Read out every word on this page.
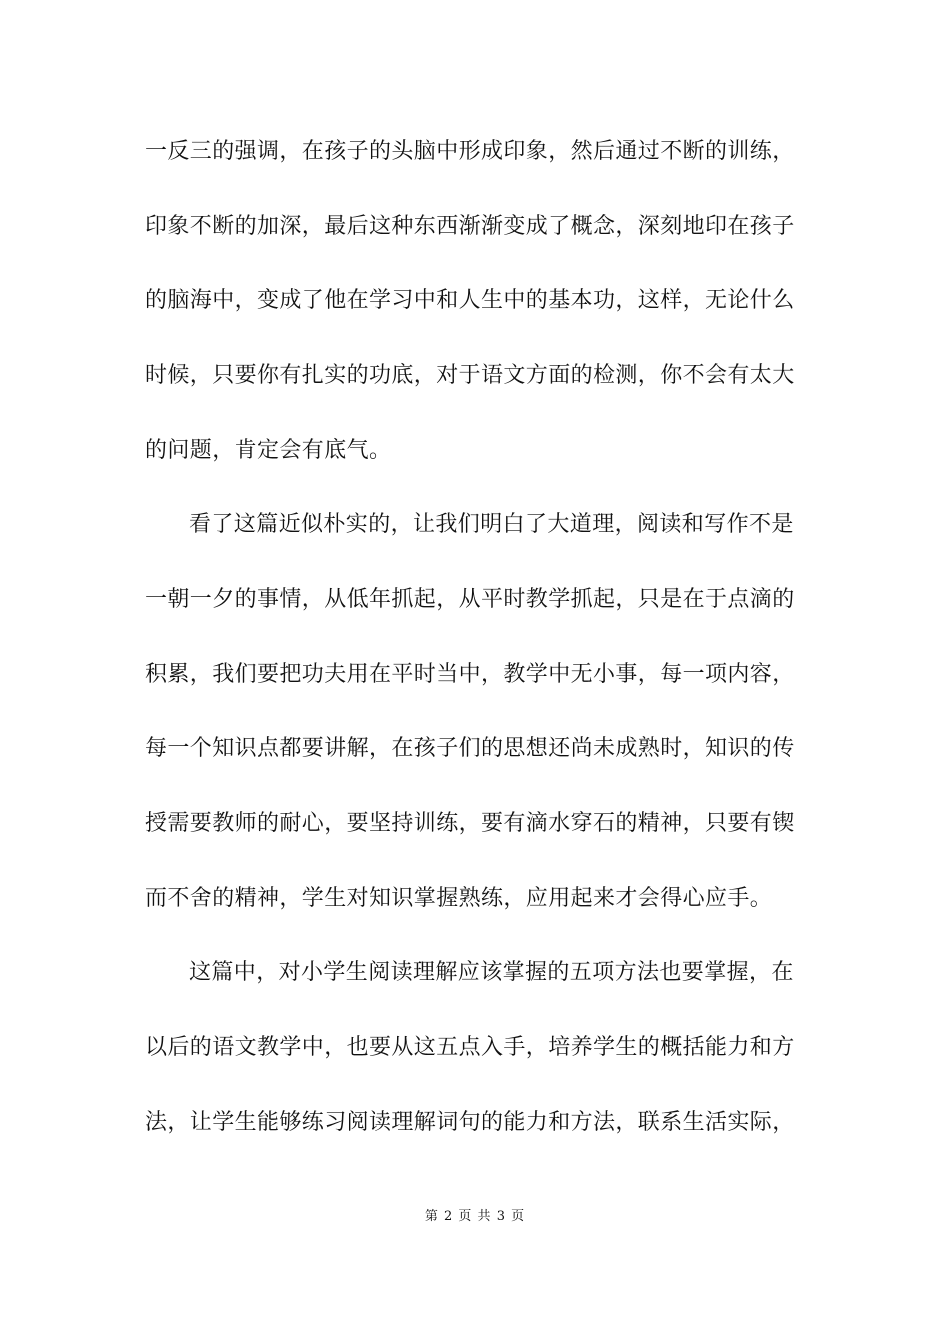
一反三的强调，在孩子的头脑中形成印象，然后通过不断的训练，
印象不断的加深，最后这种东西渐渐变成了概念，深刻地印在孩子
的脑海中，变成了他在学习中和人生中的基本功，这样，无论什么
时候，只要你有扎实的功底，对于语文方面的检测，你不会有太大
的问题，肯定会有底气。
看了这篇近似朴实的，让我们明白了大道理，阅读和写作不是
一朝一夕的事情，从低年抓起，从平时教学抓起，只是在于点滴的
积累，我们要把功夫用在平时当中，教学中无小事，每一项内容，
每一个知识点都要讲解，在孩子们的思想还尚未成熟时，知识的传
授需要教师的耐心，要坚持训练，要有滴水穿石的精神，只要有锲
而不舍的精神，学生对知识掌握熟练，应用起来才会得心应手。
这篇中，对小学生阅读理解应该掌握的五项方法也要掌握，在
以后的语文教学中，也要从这五点入手，培养学生的概括能力和方
法，让学生能够练习阅读理解词句的能力和方法，联系生活实际，
第 2 页 共 3 页
